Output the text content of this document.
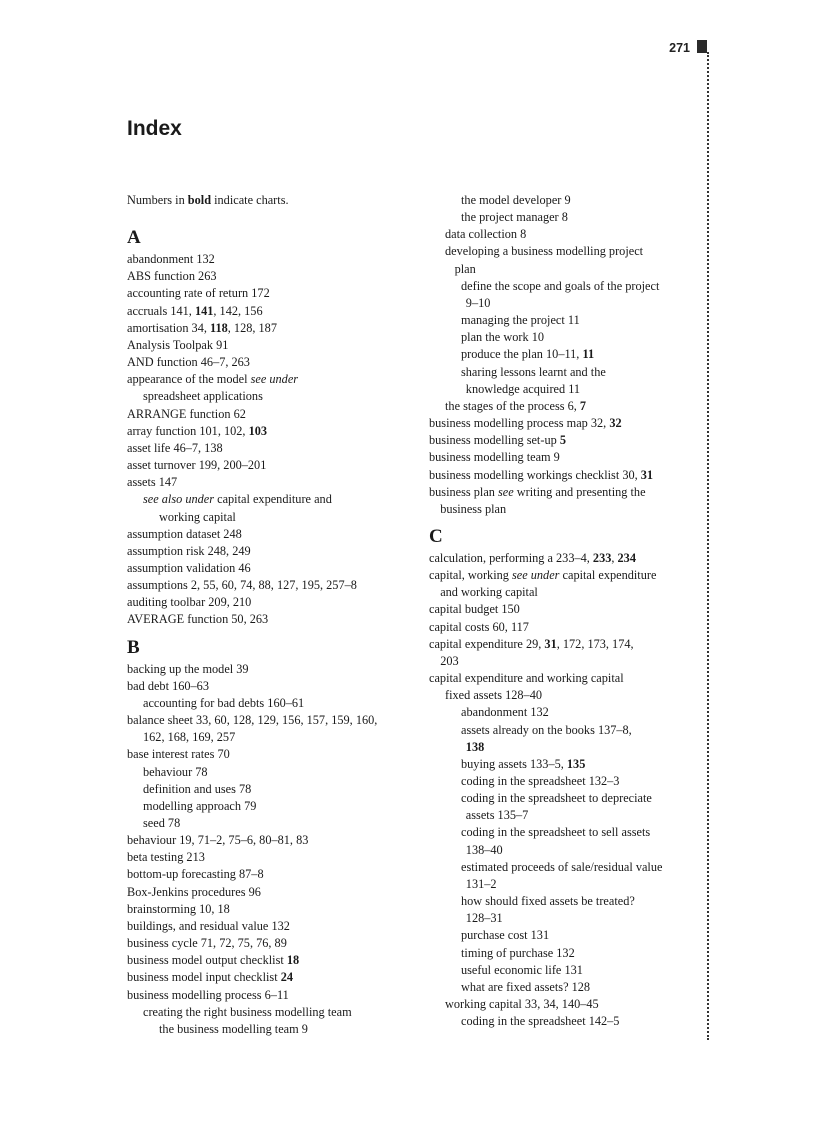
271
Index
Numbers in bold indicate charts.
A
abandonment 132
ABS function 263
accounting rate of return 172
accruals 141, 141, 142, 156
amortisation 34, 118, 128, 187
Analysis Toolpak 91
AND function 46–7, 263
appearance of the model see under
spreadsheet applications
ARRANGE function 62
array function 101, 102, 103
asset life 46–7, 138
asset turnover 199, 200–201
assets 147
see also under capital expenditure and
working capital
assumption dataset 248
assumption risk 248, 249
assumption validation 46
assumptions 2, 55, 60, 74, 88, 127, 195, 257–8
auditing toolbar 209, 210
AVERAGE function 50, 263
B
backing up the model 39
bad debt 160–63
accounting for bad debts 160–61
balance sheet 33, 60, 128, 129, 156, 157, 159, 160,
162, 168, 169, 257
base interest rates 70
behaviour 78
definition and uses 78
modelling approach 79
seed 78
behaviour 19, 71–2, 75–6, 80–81, 83
beta testing 213
bottom-up forecasting 87–8
Box-Jenkins procedures 96
brainstorming 10, 18
buildings, and residual value 132
business cycle 71, 72, 75, 76, 89
business model output checklist 18
business model input checklist 24
business modelling process 6–11
creating the right business modelling team
the business modelling team 9
the model developer 9
the project manager 8
data collection 8
developing a business modelling project
plan
define the scope and goals of the project
9–10
managing the project 11
plan the work 10
produce the plan 10–11, 11
sharing lessons learnt and the
knowledge acquired 11
the stages of the process 6, 7
business modelling process map 32, 32
business modelling set-up 5
business modelling team 9
business modelling workings checklist 30, 31
business plan see writing and presenting the
business plan
C
calculation, performing a 233–4, 233, 234
capital, working see under capital expenditure
and working capital
capital budget 150
capital costs 60, 117
capital expenditure 29, 31, 172, 173, 174,
203
capital expenditure and working capital
fixed assets 128–40
abandonment 132
assets already on the books 137–8,
138
buying assets 133–5, 135
coding in the spreadsheet 132–3
coding in the spreadsheet to depreciate
assets 135–7
coding in the spreadsheet to sell assets
138–40
estimated proceeds of sale/residual value
131–2
how should fixed assets be treated?
128–31
purchase cost 131
timing of purchase 132
useful economic life 131
what are fixed assets? 128
working capital 33, 34, 140–45
coding in the spreadsheet 142–5
